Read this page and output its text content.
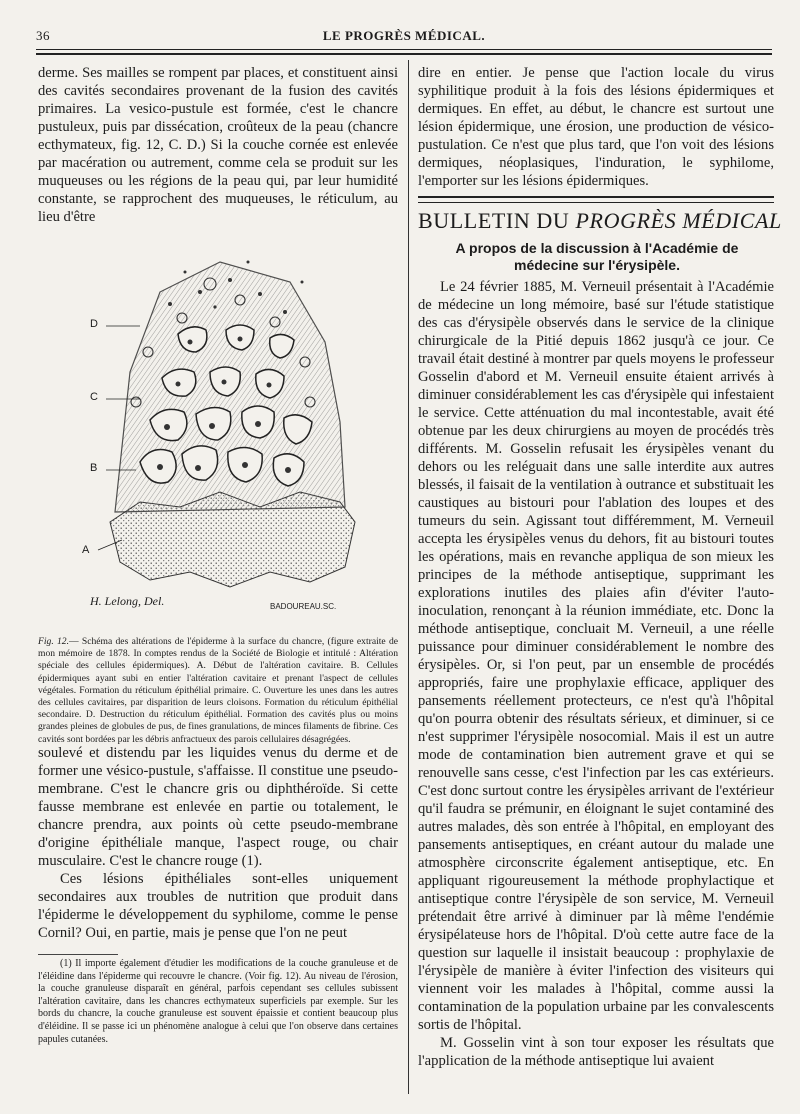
36	LE PROGRÈS MÉDICAL.

derme. Ses mailles se rompent par places, et constituent ainsi des cavités secondaires provenant de la fusion des cavités primaires. La vesico-pustule est formée, c'est le chancre pustuleux, puis par dissécation, croûteux de la peau (chancre ecthymateux, fig. 12, C. D.) Si la couche cornée est enlevée par macération ou autrement, comme cela se produit sur les muqueuses ou les régions de la peau qui, par leur humidité constante, se rapprochent des muqueuses, le réticulum, au lieu d'être

D
C
B
A
H. Lelong, Del.	BADOUREAU.SC.

Fig. 12.— Schéma des altérations de l'épiderme à la surface du chancre, (figure extraite de mon mémoire de 1878. In comptes rendus de la Société de Biologie et intitulé : Altération spéciale des cellules épidermiques). A. Début de l'altération cavitaire. B. Cellules épidermiques ayant subi en entier l'altération cavitaire et prenant l'aspect de cellules végétales. Formation du réticulum épithélial primaire. C. Ouverture les unes dans les autres des cellules cavitaires, par disparition de leurs cloisons. Formation du réticulum épithélial secondaire. D. Destruction du réticulum épithélial. Formation des cavités plus ou moins grandes pleines de globules de pus, de fines granulations, de minces filaments de fibrine. Ces cavités sont bordées par les débris anfractueux des parois cellulaires désagrégées.

soulevé et distendu par les liquides venus du derme et de former une vésico-pustule, s'affaisse. Il constitue une pseudo-membrane. C'est le chancre gris ou diphthéroïde. Si cette fausse membrane est enlevée en partie ou totalement, le chancre prendra, aux points où cette pseudo-membrane d'origine épithéliale manque, l'aspect rouge, ou chair musculaire. C'est le chancre rouge (1).

Ces lésions épithéliales sont-elles uniquement secondaires aux troubles de nutrition que produit dans l'épiderme le développement du syphilome, comme le pense Cornil? Oui, en partie, mais je pense que l'on ne peut

(1) Il importe également d'étudier les modifications de la couche granuleuse et de l'éléidine dans l'épiderme qui recouvre le chancre. (Voir fig. 12). Au niveau de l'érosion, la couche granuleuse disparaît en général, parfois cependant ses cellules subissent l'altération cavitaire, dans les chancres ecthymateux superficiels par exemple. Sur les bords du chancre, la couche granuleuse est souvent épaissie et contient beaucoup plus d'éléidine. Il se passe ici un phénomène analogue à celui que l'on observe dans certaines papules cutanées.

dire en entier. Je pense que l'action locale du virus syphilitique produit à la fois des lésions épidermiques et dermiques. En effet, au début, le chancre est surtout une lésion épidermique, une érosion, une production de vésico-pustulation. Ce n'est que plus tard, que l'on voit des lésions dermiques, néoplasiques, l'induration, le syphilome, l'emporter sur les lésions épidermiques.

BULLETIN DU PROGRÈS MÉDICAL
A propos de la discussion à l'Académie de médecine sur l'érysipèle.

Le 24 février 1885, M. Verneuil présentait à l'Académie de médecine un long mémoire, basé sur l'étude statistique des cas d'érysipèle observés dans le service de la clinique chirurgicale de la Pitié depuis 1862 jusqu'à ce jour. Ce travail était destiné à montrer par quels moyens le professeur Gosselin d'abord et M. Verneuil ensuite étaient arrivés à diminuer considérablement les cas d'érysipèle qui infestaient le service. Cette atténuation du mal incontestable, avait été obtenue par les deux chirurgiens au moyen de procédés très différents. M. Gosselin refusait les érysipèles venant du dehors ou les reléguait dans une salle interdite aux autres blessés, il faisait de la ventilation à outrance et substituait les caustiques au bistouri pour l'ablation des loupes et des tumeurs du sein. Agissant tout différemment, M. Verneuil accepta les érysipèles venus du dehors, fit au bistouri toutes les opérations, mais en revanche appliqua de son mieux les principes de la méthode antiseptique, supprimant les explorations inutiles des plaies afin d'éviter l'auto-inoculation, renonçant à la réunion immédiate, etc. Donc la méthode antiseptique, concluait M. Verneuil, a une réelle puissance pour diminuer considérablement le nombre des érysipèles. Or, si l'on peut, par un ensemble de procédés appropriés, faire une prophylaxie efficace, appliquer des pansements réellement protecteurs, ce n'est qu'à l'hôpital qu'on pourra obtenir des résultats sérieux, et diminuer, si ce n'est supprimer l'érysipèle nosocomial. Mais il est un autre mode de contamination bien autrement grave et qui se renouvelle sans cesse, c'est l'infection par les cas extérieurs. C'est donc surtout contre les érysipèles arrivant de l'extérieur qu'il faudra se prémunir, en éloignant le sujet contaminé des autres malades, dès son entrée à l'hôpital, en employant des pansements antiseptiques, en créant autour du malade une atmosphère circonscrite également antiseptique, etc. En appliquant rigoureusement la méthode prophylactique et antiseptique contre l'érysipèle de son service, M. Verneuil prétendait être arrivé à diminuer par là même l'endémie érysipélateuse hors de l'hôpital. D'où cette autre face de la question sur laquelle il insistait beaucoup : prophylaxie de l'érysipèle de manière à éviter l'infection des visiteurs qui viennent voir les malades à l'hôpital, comme aussi la contamination de la population urbaine par les convalescents sortis de l'hôpital.

M. Gosselin vint à son tour exposer les résultats que l'application de la méthode antiseptique lui avaient
